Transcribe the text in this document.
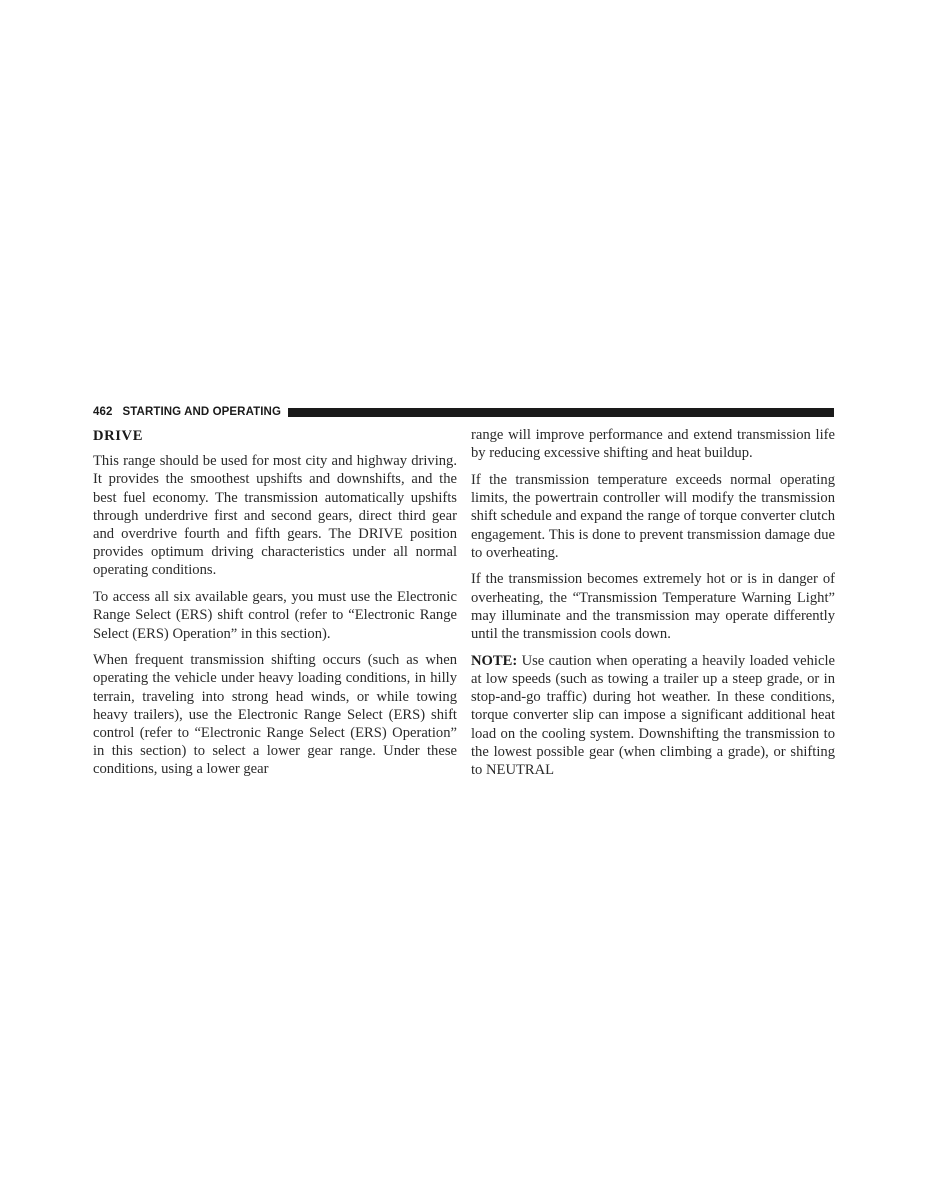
462 STARTING AND OPERATING
DRIVE

This range should be used for most city and highway driving. It provides the smoothest upshifts and downshifts, and the best fuel economy. The transmission automatically upshifts through underdrive first and second gears, direct third gear and overdrive fourth and fifth gears. The DRIVE position provides optimum driving characteristics under all normal operating conditions.

To access all six available gears, you must use the Electronic Range Select (ERS) shift control (refer to “Electronic Range Select (ERS) Operation” in this section).

When frequent transmission shifting occurs (such as when operating the vehicle under heavy loading conditions, in hilly terrain, traveling into strong head winds, or while towing heavy trailers), use the Electronic Range Select (ERS) shift control (refer to “Electronic Range Select (ERS) Operation” in this section) to select a lower gear range. Under these conditions, using a lower gear

range will improve performance and extend transmission life by reducing excessive shifting and heat buildup.

If the transmission temperature exceeds normal operating limits, the powertrain controller will modify the transmission shift schedule and expand the range of torque converter clutch engagement. This is done to prevent transmission damage due to overheating.

If the transmission becomes extremely hot or is in danger of overheating, the “Transmission Temperature Warning Light” may illuminate and the transmission may operate differently until the transmission cools down.

NOTE: Use caution when operating a heavily loaded vehicle at low speeds (such as towing a trailer up a steep grade, or in stop-and-go traffic) during hot weather. In these conditions, torque converter slip can impose a significant additional heat load on the cooling system. Downshifting the transmission to the lowest possible gear (when climbing a grade), or shifting to NEUTRAL
